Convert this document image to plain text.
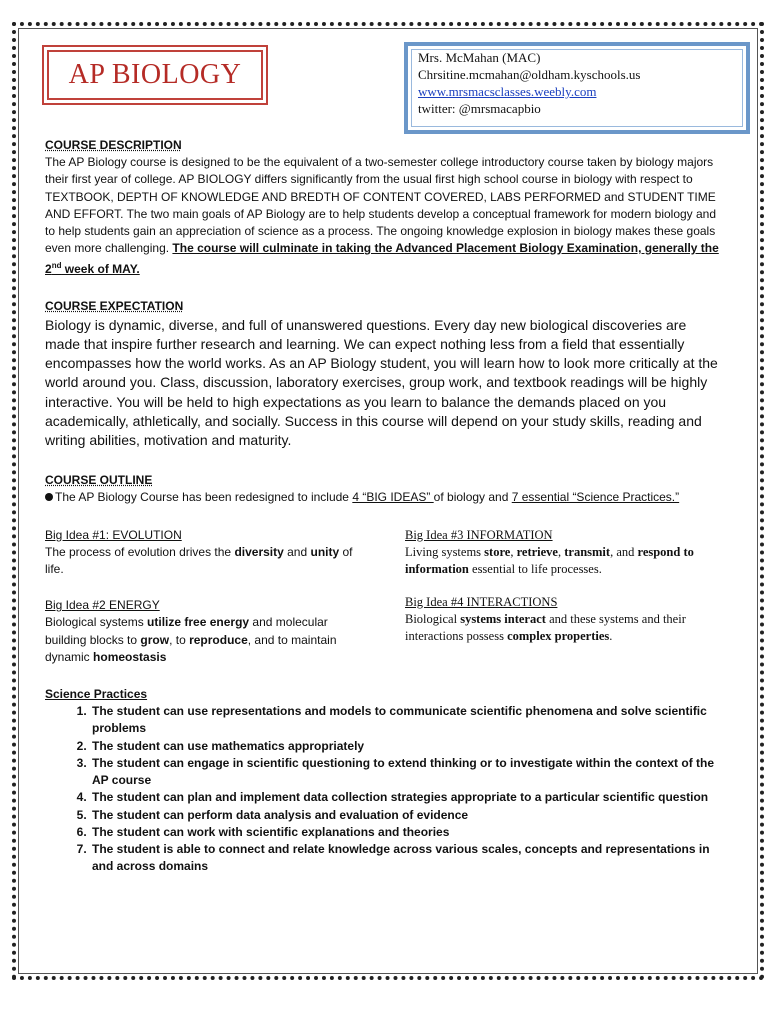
AP BIOLOGY
Mrs. McMahan (MAC)
Chrsitine.mcmahan@oldham.kyschools.us
www.mrsmacsclasses.weebly.com
twitter: @mrsmacapbio
COURSE DESCRIPTION

The AP Biology course is designed to be the equivalent of a two-semester college introductory course taken by biology majors their first year of college. AP BIOLOGY differs significantly from the usual first high school course in biology with respect to TEXTBOOK, DEPTH OF KNOWLEDGE AND BREDTH OF CONTENT COVERED, LABS PERFORMED and STUDENT TIME AND EFFORT. The two main goals of AP Biology are to help students develop a conceptual framework for modern biology and to help students gain an appreciation of science as a process. The ongoing knowledge explosion in biology makes these goals even more challenging. The course will culminate in taking the Advanced Placement Biology Examination, generally the 2nd week of MAY.

COURSE EXPECTATION

Biology is dynamic, diverse, and full of unanswered questions. Every day new biological discoveries are made that inspire further research and learning. We can expect nothing less from a field that essentially encompasses how the world works. As an AP Biology student, you will learn how to look more critically at the world around you. Class, discussion, laboratory exercises, group work, and textbook readings will be highly interactive. You will be held to high expectations as you learn to balance the demands placed on you academically, athletically, and socially. Success in this course will depend on your study skills, reading and writing abilities, motivation and maturity.

COURSE OUTLINE

The AP Biology Course has been redesigned to include 4 “BIG IDEAS” of biology and 7 essential “Science Practices.”

Big Idea #1: EVOLUTION
The process of evolution drives the diversity and unity of life.
Big Idea #2 ENERGY
Biological systems utilize free energy and molecular building blocks to grow, to reproduce, and to maintain dynamic homeostasis
Big Idea #3 INFORMATION
Living systems store, retrieve, transmit, and respond to information essential to life processes.
Big Idea #4 INTERACTIONS
Biological systems interact and these systems and their interactions possess complex properties.
Science Practices
1. The student can use representations and models to communicate scientific phenomena and solve scientific problems
2. The student can use mathematics appropriately
3. The student can engage in scientific questioning to extend thinking or to investigate within the context of the AP course
4. The student can plan and implement data collection strategies appropriate to a particular scientific question
5. The student can perform data analysis and evaluation of evidence
6. The student can work with scientific explanations and theories
7. The student is able to connect and relate knowledge across various scales, concepts and representations in and across domains
